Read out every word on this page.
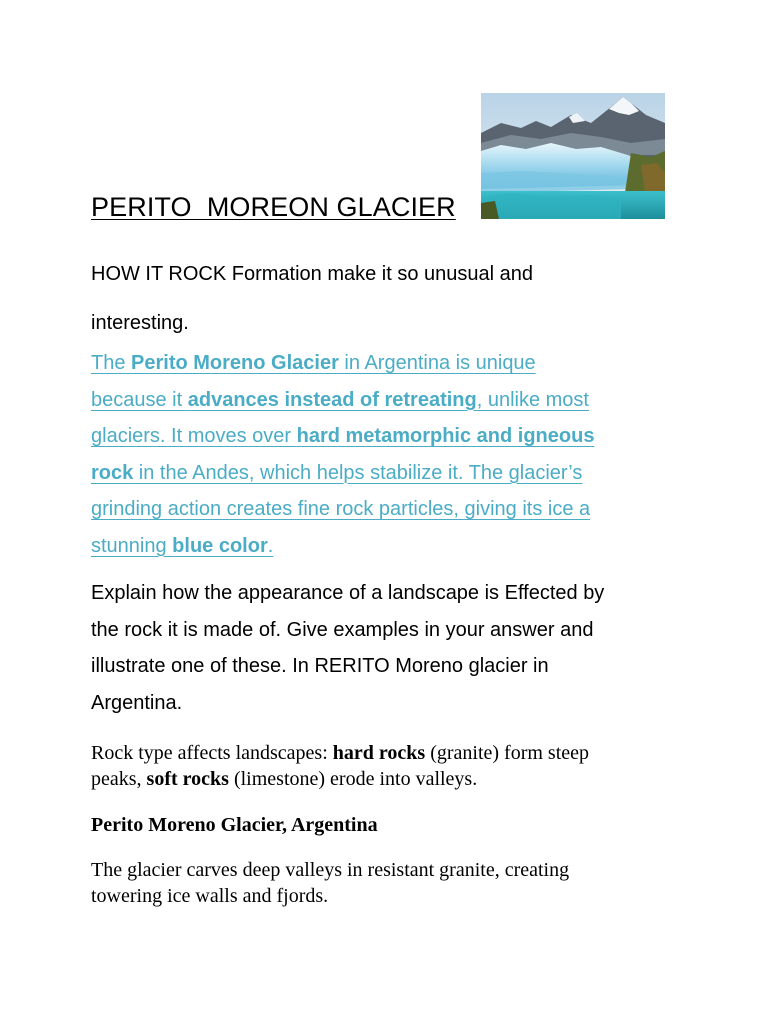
PERITO  MOREON GLACIER
HOW IT ROCK Formation make it so unusual and
interesting.
The Perito Moreno Glacier in Argentina is unique
because it advances instead of retreating, unlike most
glaciers. It moves over hard metamorphic and igneous
rock in the Andes, which helps stabilize it. The glacier’s
grinding action creates fine rock particles, giving its ice a
stunning blue color.
Explain how the appearance of a landscape is Effected by
the rock it is made of. Give examples in your answer and
illustrate one of these. In RERITO Moreno glacier in
Argentina.
Rock type affects landscapes: hard rocks (granite) form steep
peaks, soft rocks (limestone) erode into valleys.
Perito Moreno Glacier, Argentina
The glacier carves deep valleys in resistant granite, creating
towering ice walls and fjords.
